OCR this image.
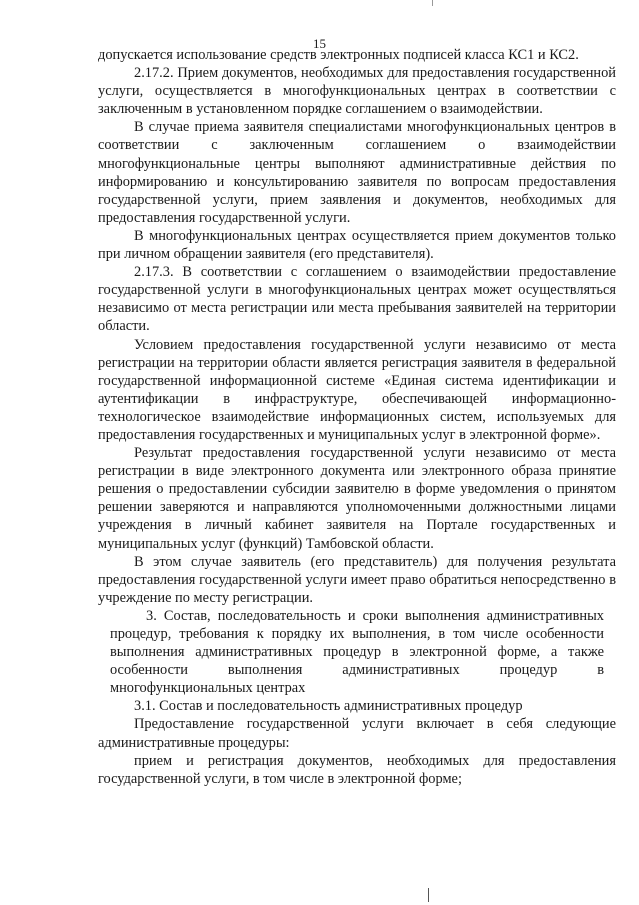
15

допускается использование средств электронных подписей класса КС1 и КС2.

2.17.2. Прием документов, необходимых для предоставления государственной услуги, осуществляется в многофункциональных центрах в соответствии с заключенным в установленном порядке соглашением о взаимодействии.

В случае приема заявителя специалистами многофункциональных центров в соответствии с заключенным соглашением о взаимодействии многофункциональные центры выполняют административные действия по информированию и консультированию заявителя по вопросам предоставления государственной услуги, прием заявления и документов, необходимых для предоставления государственной услуги.

В многофункциональных центрах осуществляется прием документов только при личном обращении заявителя (его представителя).

2.17.3. В соответствии с соглашением о взаимодействии предоставление государственной услуги в многофункциональных центрах может осуществляться независимо от места регистрации или места пребывания заявителей на территории области.

Условием предоставления государственной услуги независимо от места регистрации на территории области является регистрация заявителя в федеральной государственной информационной системе «Единая система идентификации и аутентификации в инфраструктуре, обеспечивающей информационно-технологическое взаимодействие информационных систем, используемых для предоставления государственных и муниципальных услуг в электронной форме».

Результат предоставления государственной услуги независимо от места регистрации в виде электронного документа или электронного образа принятие решения о предоставлении субсидии заявителю в форме уведомления о принятом решении заверяются и направляются уполномоченными должностными лицами учреждения в личный кабинет заявителя на Портале государственных и муниципальных услуг (функций) Тамбовской области.

В этом случае заявитель (его представитель) для получения результата предоставления государственной услуги имеет право обратиться непосредственно в учреждение по месту регистрации.

3. Состав, последовательность и сроки выполнения административных процедур, требования к порядку их выполнения, в том числе особенности выполнения административных процедур в электронной форме, а также особенности выполнения административных процедур в многофункциональных центрах

3.1. Состав и последовательность административных процедур

Предоставление государственной услуги включает в себя следующие административные процедуры:

прием и регистрация документов, необходимых для предоставления государственной услуги, в том числе в электронной форме;
